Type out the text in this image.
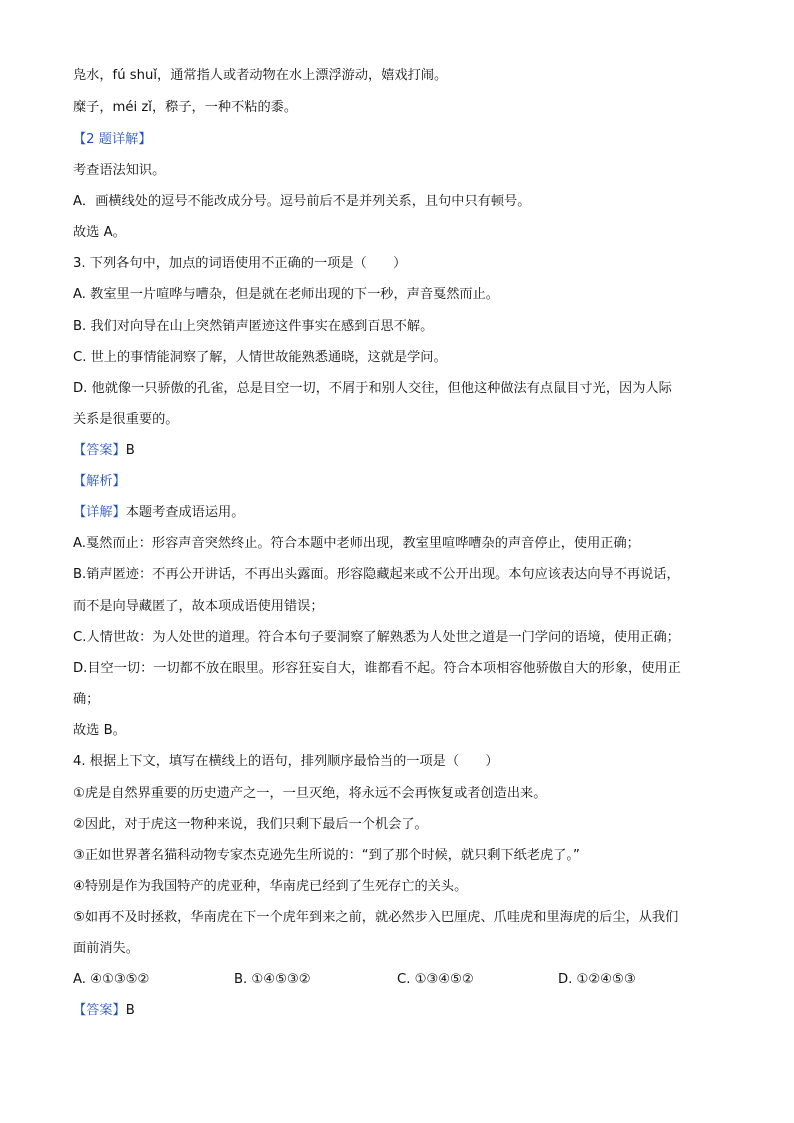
凫水，fú shuǐ，通常指人或者动物在水上漂浮游动，嬉戏打闹。
糜子，méi zǐ，穄子，一种不粘的黍。
【2 题详解】
考查语法知识。
A．画横线处的逗号不能改成分号。逗号前后不是并列关系，且句中只有顿号。
故选 A。
3. 下列各句中，加点的词语使用不正确的一项是（　　）
A. 教室里一片喧哗与嘈杂，但是就在老师出现的下一秒，声音戛然而止。
B. 我们对向导在山上突然销声匿迹这件事实在感到百思不解。
C. 世上的事情能洞察了解，人情世故能熟悉通晓，这就是学问。
D. 他就像一只骄傲的孔雀，总是目空一切，不屑于和别人交往，但他这种做法有点鼠目寸光，因为人际
关系是很重要的。
【答案】B
【解析】
【详解】本题考查成语运用。
A.戛然而止：形容声音突然终止。符合本题中老师出现，教室里喧哗嘈杂的声音停止，使用正确；
B.销声匿迹：不再公开讲话，不再出头露面。形容隐藏起来或不公开出现。本句应该表达向导不再说话，
而不是向导藏匿了，故本项成语使用错误；
C.人情世故：为人处世的道理。符合本句子要洞察了解熟悉为人处世之道是一门学问的语境，使用正确；
D.目空一切：一切都不放在眼里。形容狂妄自大，谁都看不起。符合本项相容他骄傲自大的形象，使用正
确；
故选 B。
4. 根据上下文，填写在横线上的语句，排列顺序最恰当的一项是（　　）
①虎是自然界重要的历史遗产之一，一旦灭绝，将永远不会再恢复或者创造出来。
②因此，对于虎这一物种来说，我们只剩下最后一个机会了。
③正如世界著名猫科动物专家杰克逊先生所说的：“到了那个时候，就只剩下纸老虎了。”
④特别是作为我国特产的虎亚种，华南虎已经到了生死存亡的关头。
⑤如再不及时拯救，华南虎在下一个虎年到来之前，就必然步入巴厘虎、爪哇虎和里海虎的后尘，从我们
面前消失。
A. ④①③⑤②	B. ①④⑤③②	C. ①③④⑤②	D. ①②④⑤③
【答案】B
